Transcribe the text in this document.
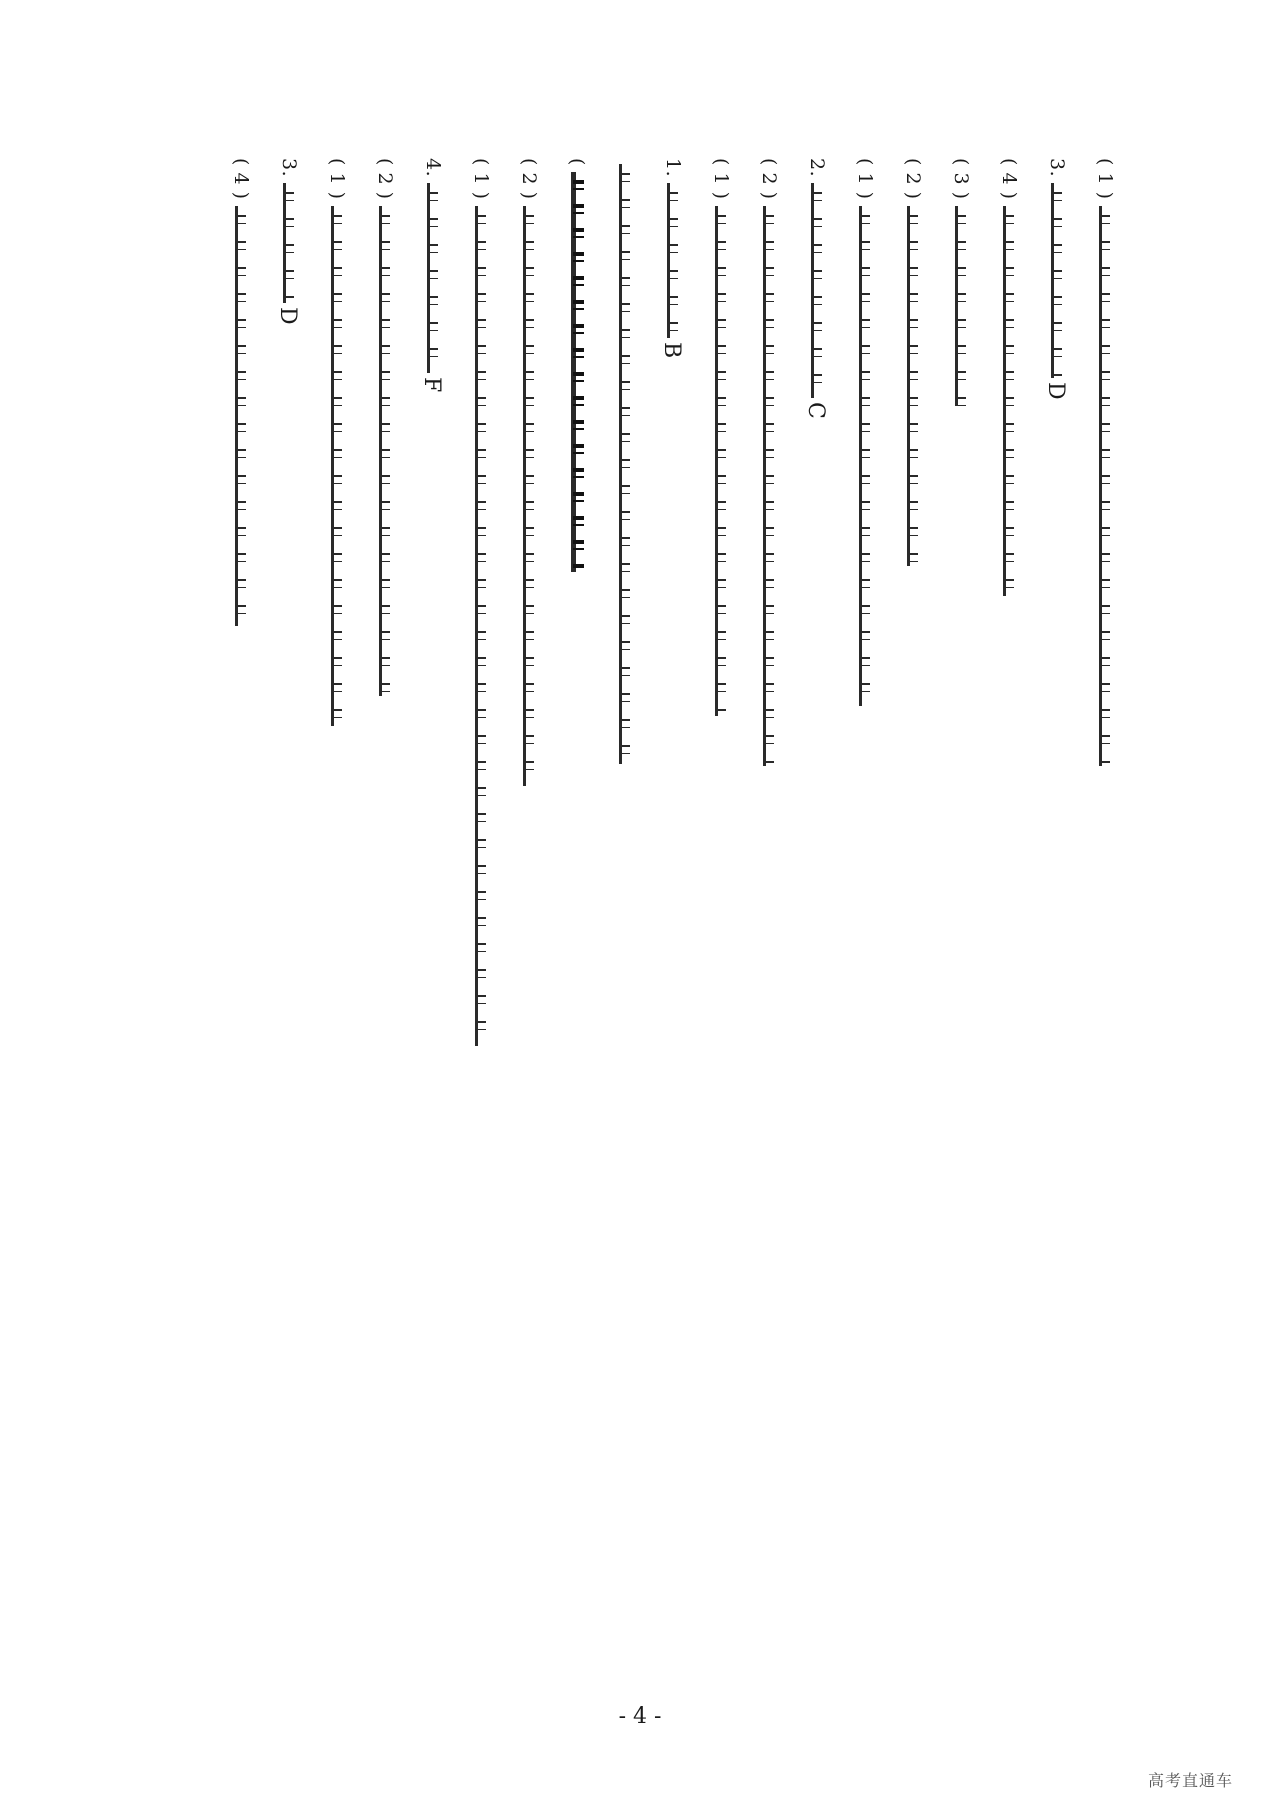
( 1 )
3.
D
( 4 )
( 3 )
( 2 )
( 1 )
2.
C
( 2 )
( 1 )
1.
B
(
( 2 )
( 1 )
4.
F
( 2 )
( 1 )
3.
D
( 4 )
- 4 -
高考直通车
